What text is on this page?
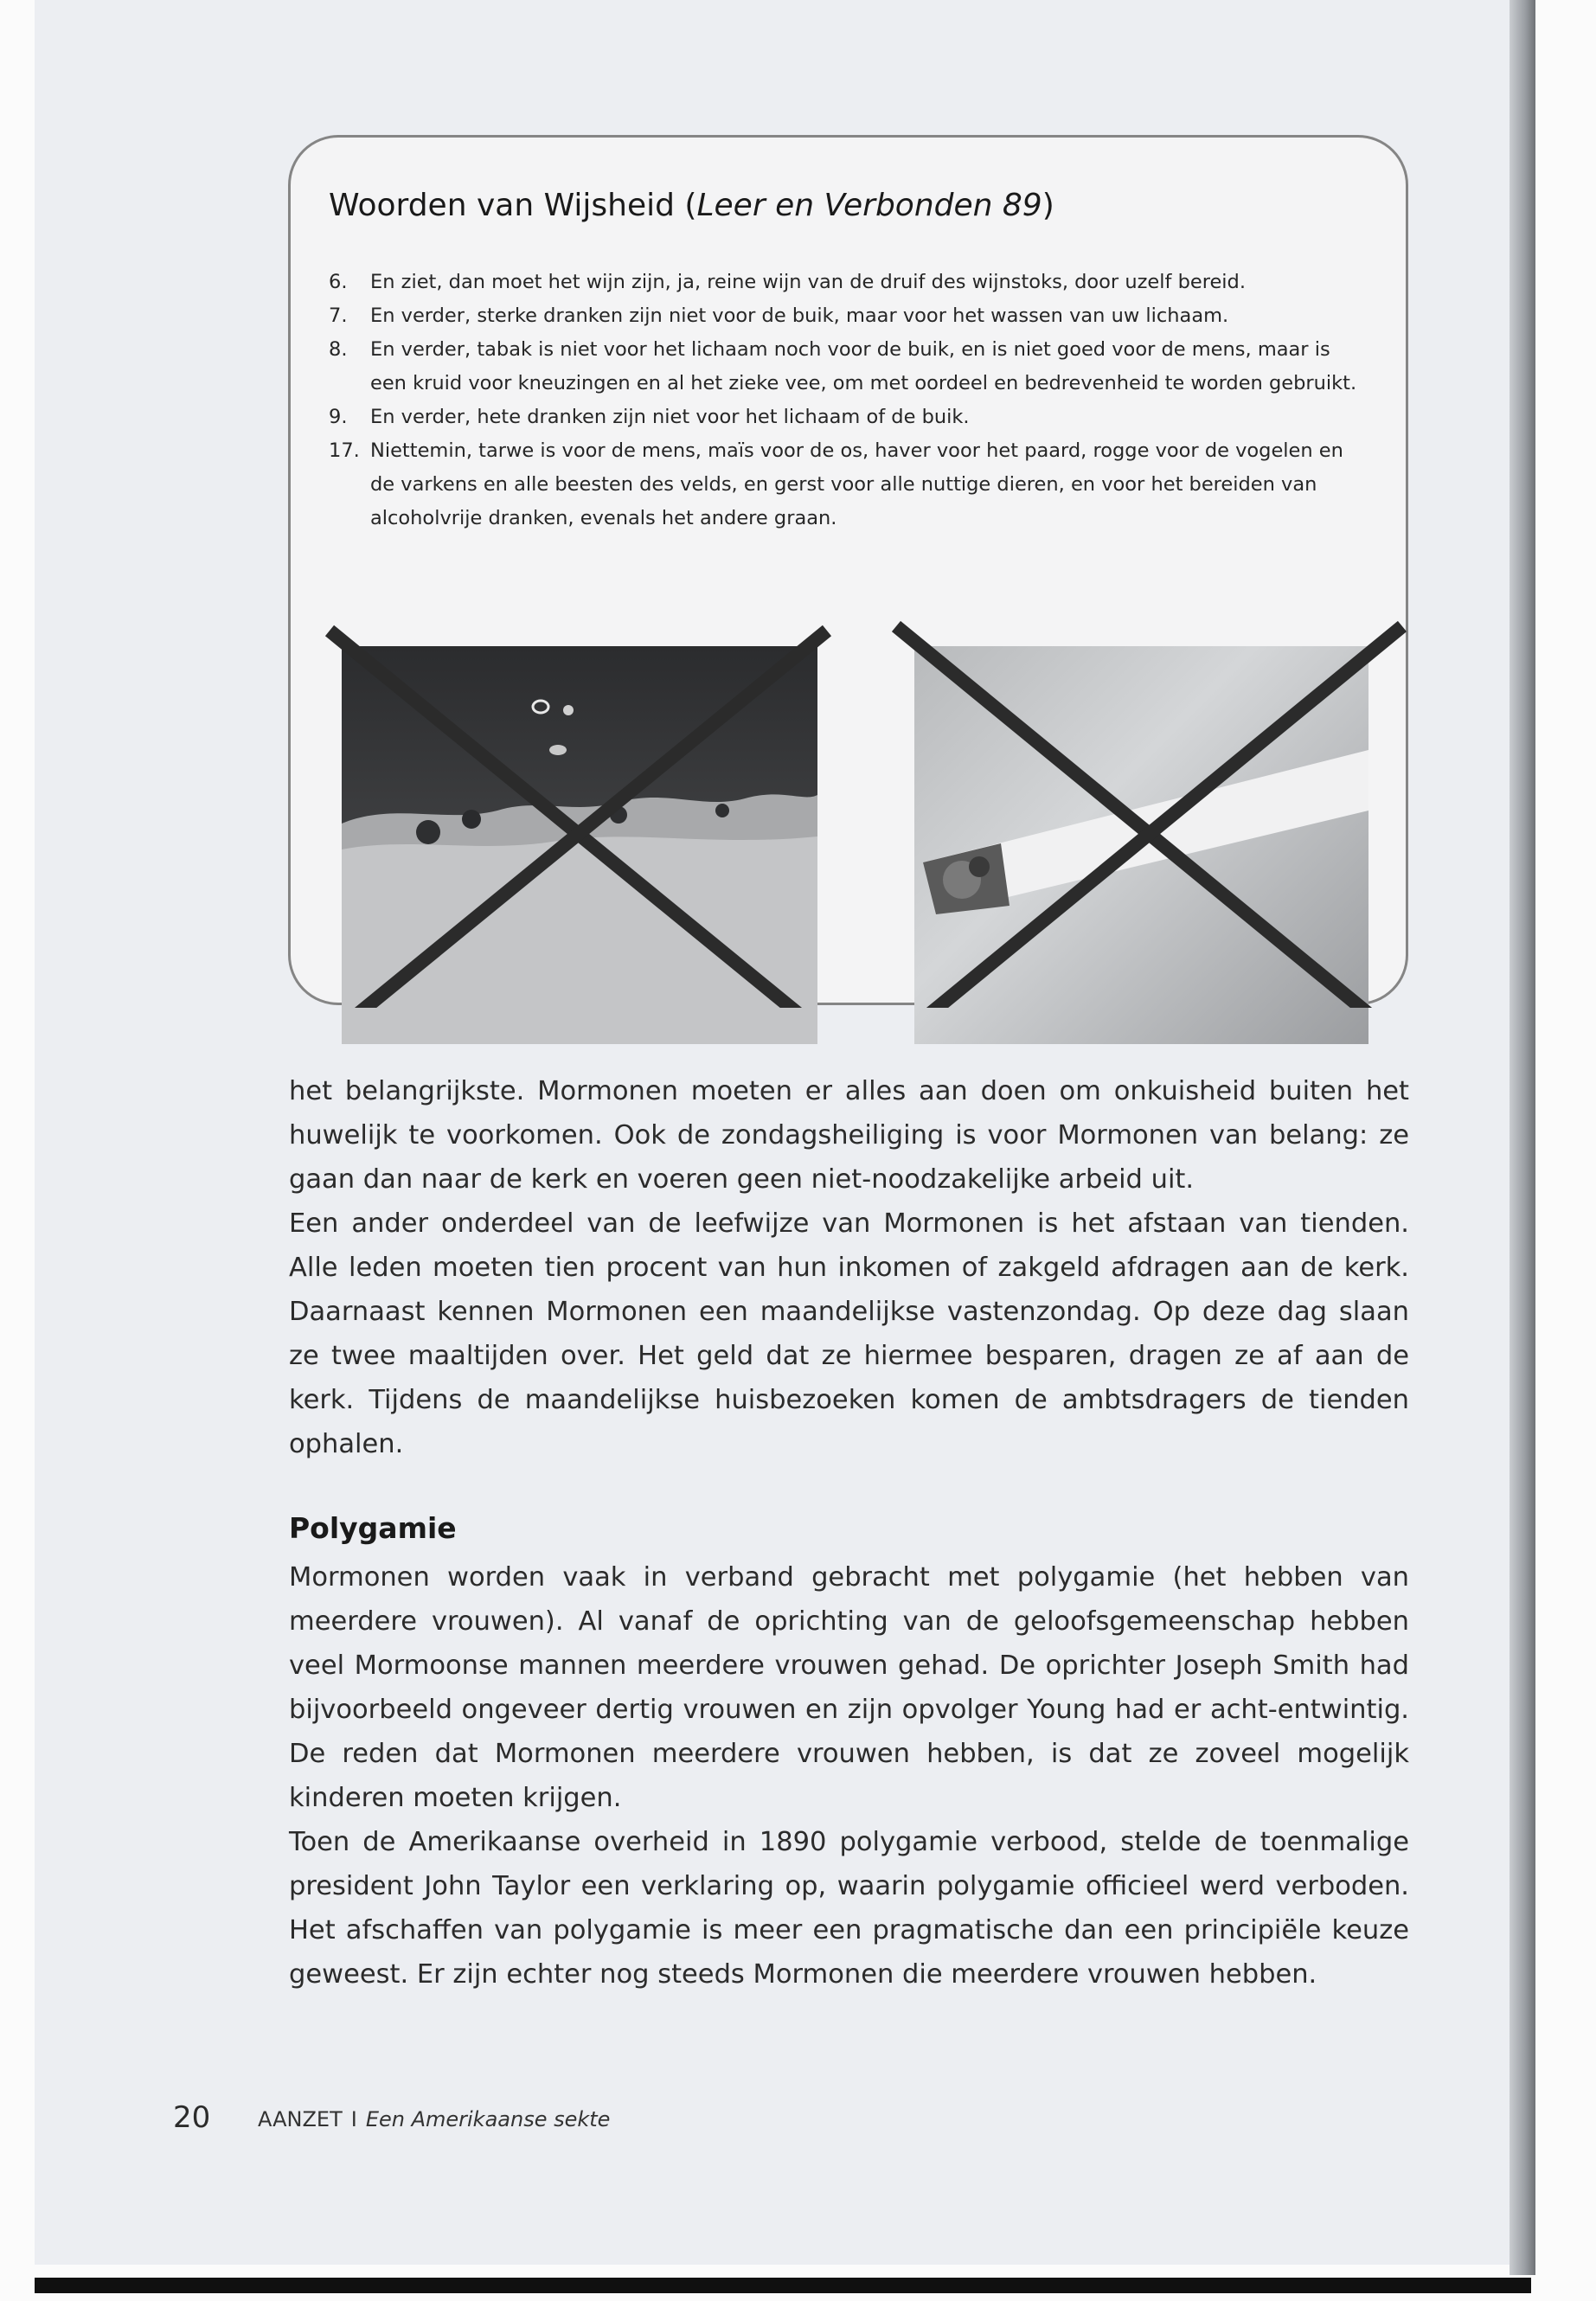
Woorden van Wijsheid (Leer en Verbonden 89)
6.	En ziet, dan moet het wijn zijn, ja, reine wijn van de druif des wijnstoks, door uzelf bereid.
7.	En verder, sterke dranken zijn niet voor de buik, maar voor het wassen van uw lichaam.
8.	En verder, tabak is niet voor het lichaam noch voor de buik, en is niet goed voor de mens, maar is een kruid voor kneuzingen en al het zieke vee, om met oordeel en bedrevenheid te worden gebruikt.
9.	En verder, hete dranken zijn niet voor het lichaam of de buik.
17. Niettemin, tarwe is voor de mens, maïs voor de os, haver voor het paard, rogge voor de vogelen en de varkens en alle beesten des velds, en gerst voor alle nuttige dieren, en voor het bereiden van alcoholvrije dranken, evenals het andere graan.

het belangrijkste. Mormonen moeten er alles aan doen om onkuisheid buiten het huwelijk te voorkomen. Ook de zondagsheiliging is voor Mormonen van belang: ze gaan dan naar de kerk en voeren geen niet-noodzakelijke arbeid uit.

Een ander onderdeel van de leefwijze van Mormonen is het afstaan van tienden. Alle leden moeten tien procent van hun inkomen of zakgeld afdragen aan de kerk. Daarnaast kennen Mormonen een maandelijkse vastenzondag. Op deze dag slaan ze twee maaltijden over. Het geld dat ze hiermee besparen, dragen ze af aan de kerk. Tijdens de maandelijkse huisbezoeken komen de ambtsdragers de tienden ophalen.

Polygamie

Mormonen worden vaak in verband gebracht met polygamie (het hebben van meerdere vrouwen). Al vanaf de oprichting van de geloofsgemeenschap hebben veel Mormoonse mannen meerdere vrouwen gehad. De oprichter Joseph Smith had bijvoorbeeld ongeveer dertig vrouwen en zijn opvolger Young had er acht-entwintig. De reden dat Mormonen meerdere vrouwen hebben, is dat ze zoveel mogelijk kinderen moeten krijgen.

Toen de Amerikaanse overheid in 1890 polygamie verbood, stelde de toenmalige president John Taylor een verklaring op, waarin polygamie officieel werd verboden. Het afschaffen van polygamie is meer een pragmatische dan een principiële keuze geweest. Er zijn echter nog steeds Mormonen die meerdere vrouwen hebben.

20 AANZET I Een Amerikaanse sekte
